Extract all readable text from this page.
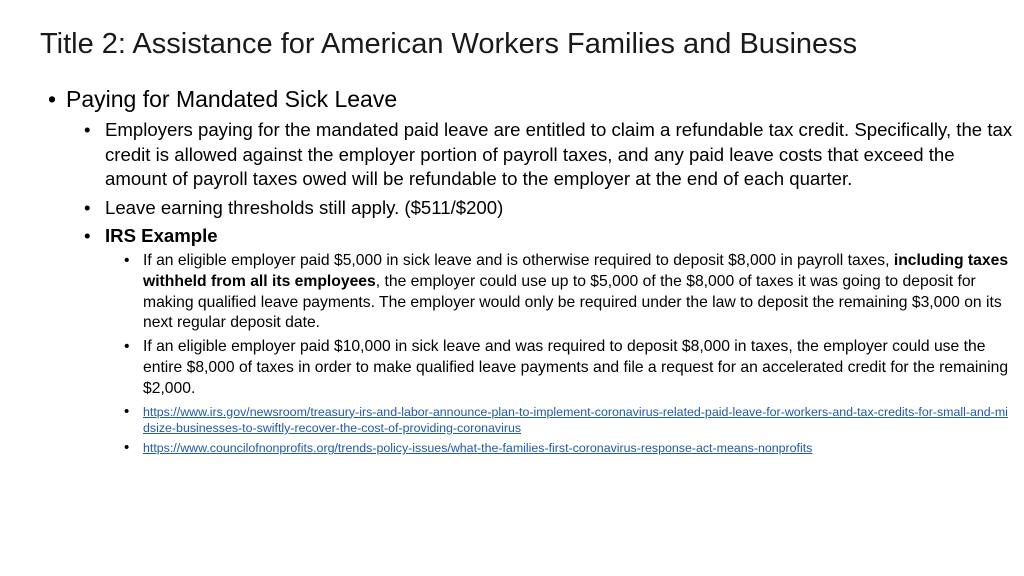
Title 2: Assistance for American Workers Families and Business
• Paying for Mandated Sick Leave
• Employers paying for the mandated paid leave are entitled to claim a refundable tax credit. Specifically, the tax credit is allowed against the employer portion of payroll taxes, and any paid leave costs that exceed the amount of payroll taxes owed will be refundable to the employer at the end of each quarter.
• Leave earning thresholds still apply. ($511/$200)
• IRS Example
• If an eligible employer paid $5,000 in sick leave and is otherwise required to deposit $8,000 in payroll taxes, including taxes withheld from all its employees, the employer could use up to $5,000 of the $8,000 of taxes it was going to deposit for making qualified leave payments. The employer would only be required under the law to deposit the remaining $3,000 on its next regular deposit date.
• If an eligible employer paid $10,000 in sick leave and was required to deposit $8,000 in taxes, the employer could use the entire $8,000 of taxes in order to make qualified leave payments and file a request for an accelerated credit for the remaining $2,000.
• https://www.irs.gov/newsroom/treasury-irs-and-labor-announce-plan-to-implement-coronavirus-related-paid-leave-for-workers-and-tax-credits-for-small-and-midsize-businesses-to-swiftly-recover-the-cost-of-providing-coronavirus
• https://www.councilofnonprofits.org/trends-policy-issues/what-the-families-first-coronavirus-response-act-means-nonprofits
